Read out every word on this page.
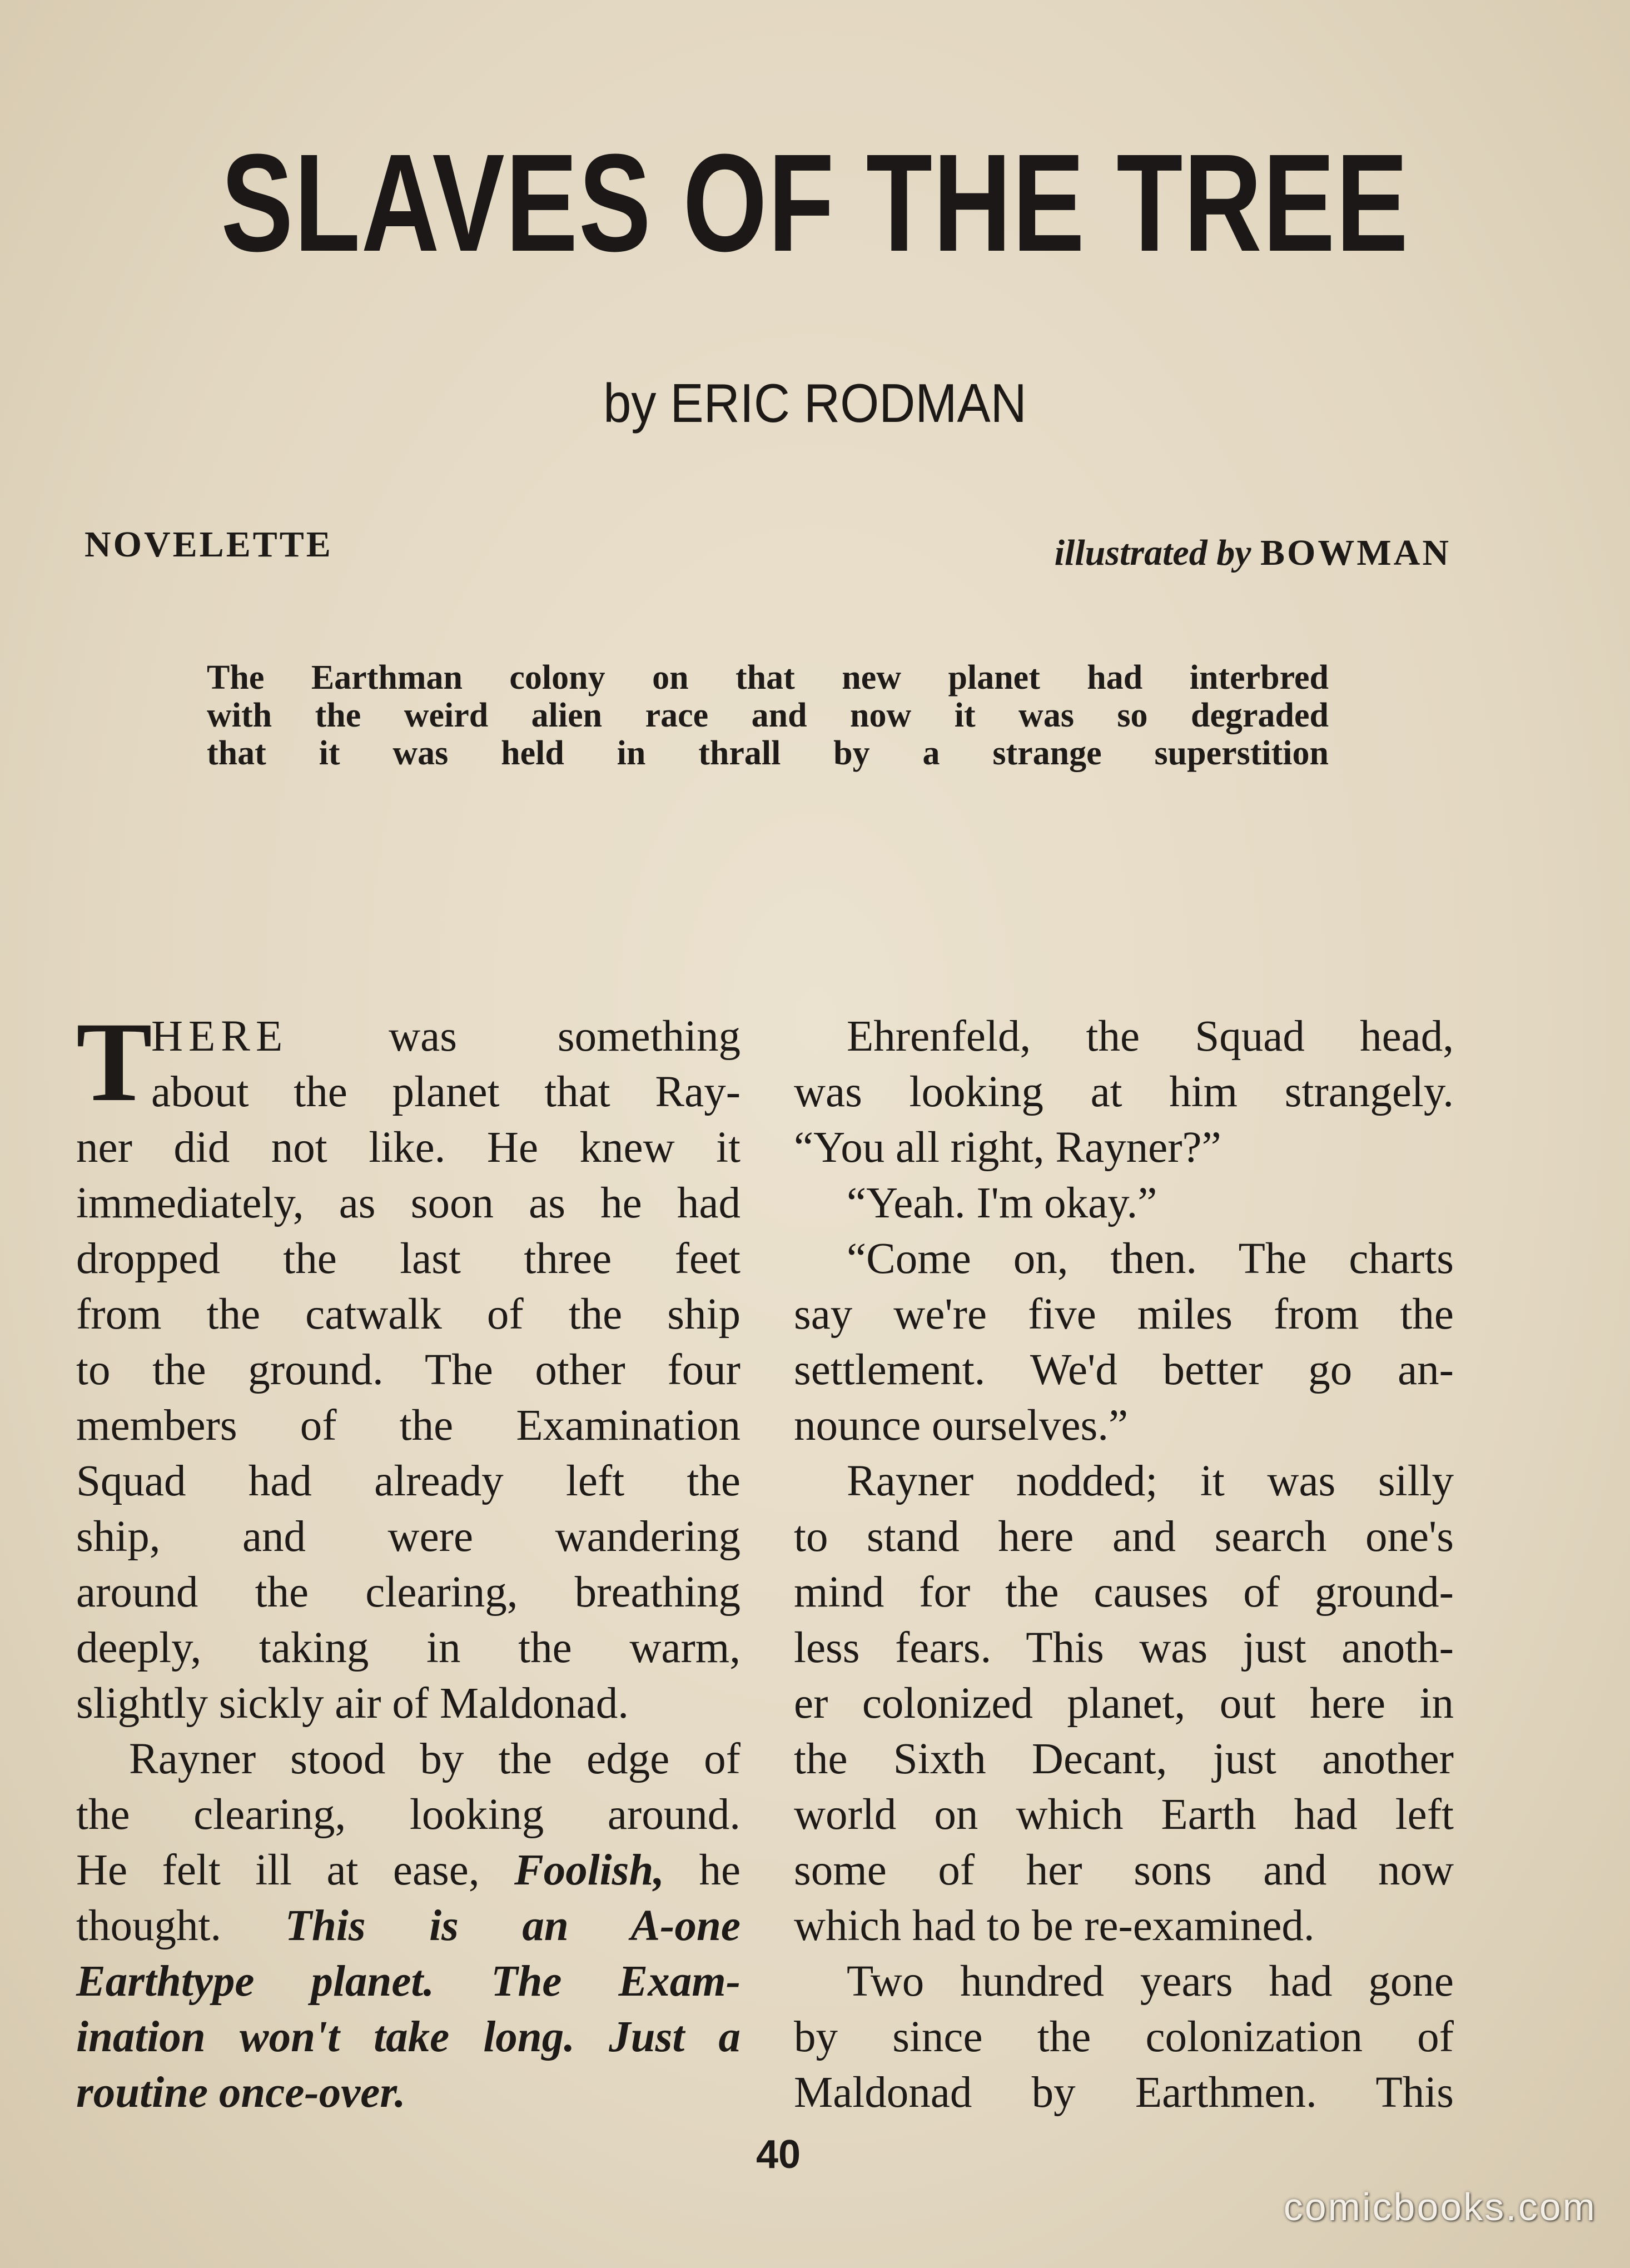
SLAVES OF THE TREE
by ERIC RODMAN
NOVELETTE	illustrated by BOWMAN
The Earthman colony on that new planet had interbred
with the weird alien race and now it was so degraded
that it was held in thrall by a strange superstition
T
HERE was something
about the planet that Ray-
ner did not like. He knew it
immediately, as soon as he had
dropped the last three feet
from the catwalk of the ship
to the ground. The other four
members of the Examination
Squad had already left the
ship, and were wandering
around the clearing, breathing
deeply, taking in the warm,
slightly sickly air of Maldonad.
Rayner stood by the edge of
the clearing, looking around.
He felt ill at ease, Foolish, he
thought. This is an A-one
Earthtype planet. The Exam-
ination won't take long. Just a
routine once-over.
Ehrenfeld, the Squad head,
was looking at him strangely.
“You all right, Rayner?”
“Yeah. I'm okay.”
“Come on, then. The charts
say we're five miles from the
settlement. We'd better go an-
nounce ourselves.”
Rayner nodded; it was silly
to stand here and search one's
mind for the causes of ground-
less fears. This was just anoth-
er colonized planet, out here in
the Sixth Decant, just another
world on which Earth had left
some of her sons and now
which had to be re-examined.
Two hundred years had gone
by since the colonization of
Maldonad by Earthmen. This
40
comicbooks.com
